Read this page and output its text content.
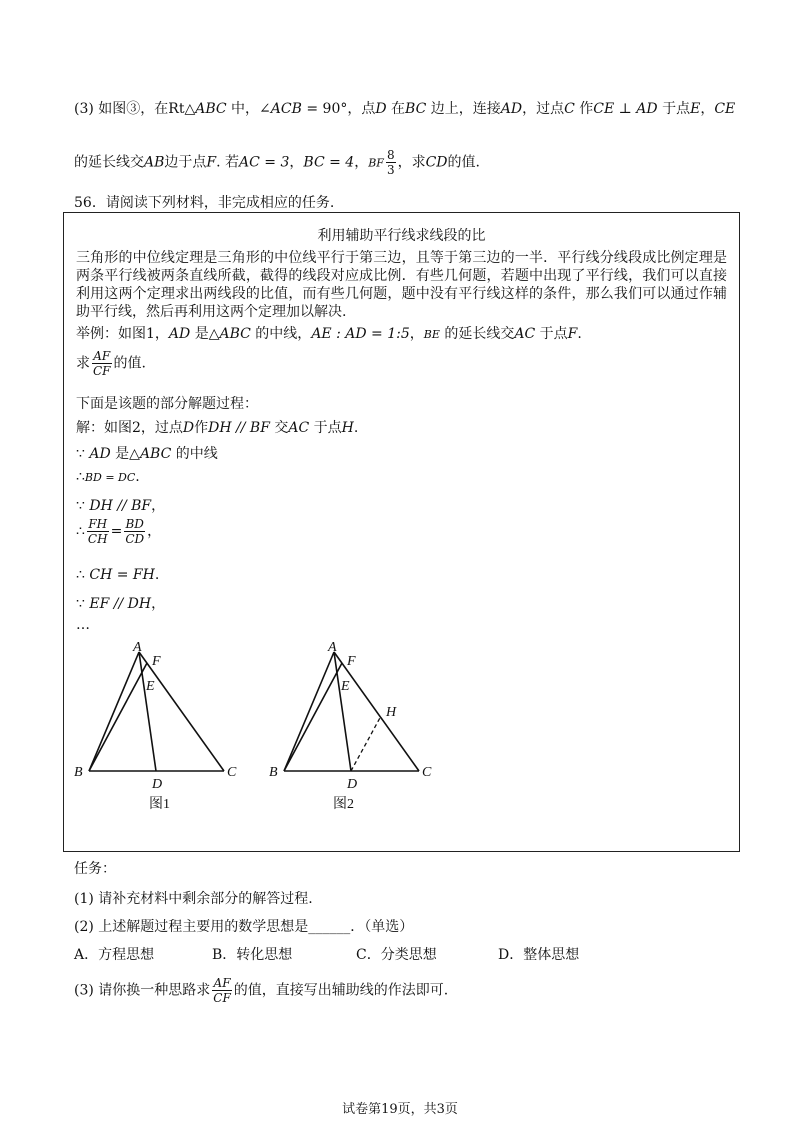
(3) 如图③，在Rt△ABC 中，∠ACB = 90°，点D 在BC 边上，连接AD，过点C 作CE ⊥ AD 于点E，CE
的延长线交AB边于点F. 若AC = 3，BC = 4，BF $\frac{8}{3}$ ，求CD的值.
56．请阅读下列材料，非完成相应的任务.
利用辅助平行线求线段的比
三角形的中位线定理是三角形的中位线平行于第三边，且等于第三边的一半．平行线分线段成比例定理是两条平行线被两条直线所截，截得的线段对应成比例．有些几何题，若题中出现了平行线，我们可以直接利用这两个定理求出两线段的比值，而有些几何题，题中没有平行线这样的条件，那么我们可以通过作辅助平行线，然后再利用这两个定理加以解决.
举例：如图1，AD 是△ABC 的中线，AE : AD = 1:5，BE 的延长线交AC 于点F.
求 $\frac{AF}{CF}$ 的值.
下面是该题的部分解题过程：
解：如图2，过点D作DH // BF 交AC 于点H.
∵ AD 是△ABC 的中线
∴BD = DC.
∵ DH // BF，
∴ $\frac{FH}{CH} = \frac{BD}{CD}$ ，
∴ CH = FH.
∵ EF // DH，
…
A
F
E
B
D
C
图1
A
F
E
H
B
D
C
图2
任务：
(1) 请补充材料中剩余部分的解答过程.
(2) 上述解题过程主要用的数学思想是______．（单选）
A．方程思想	B．转化思想	C．分类思想	D．整体思想
(3) 请你换一种思路求 $\frac{AF}{CF}$ 的值，直接写出辅助线的作法即可.
试卷第19页，共3页
